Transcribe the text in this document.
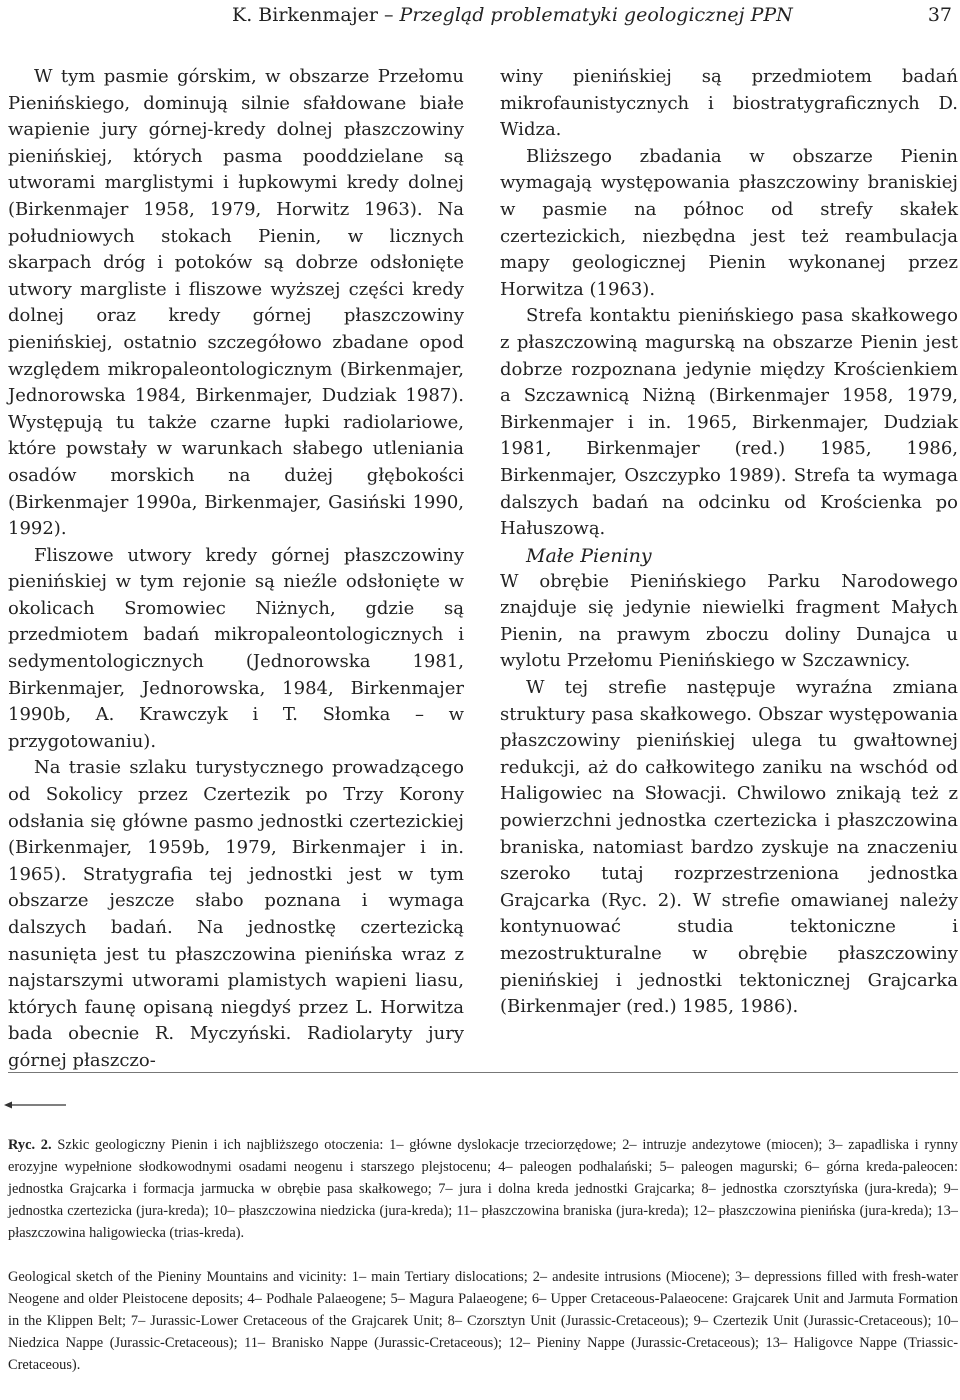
K. Birkenmajer – Przegląd problematyki geologicznej PPN	37

W tym pasmie górskim, w obszarze Przełomu Pienińskiego, dominują silnie sfałdowane białe wapienie jury górnej-kredy dolnej płaszczowiny pienińskiej, których pasma pooddzielane są utworami marglistymi i łupkowymi kredy dolnej (Birkenmajer 1958, 1979, Horwitz 1963). Na południowych stokach Pienin, w licznych skarpach dróg i potoków są dobrze odsłonięte utwory margliste i fliszowe wyższej części kredy dolnej oraz kredy górnej płaszczowiny pienińskiej, ostatnio szczegółowo zbadane opod względem mikropaleontologicznym (Birkenmajer, Jednorowska 1984, Birkenmajer, Dudziak 1987). Występują tu także czarne łupki radiolariowe, które powstały w warunkach słabego utleniania osadów morskich na dużej głębokości (Birkenmajer 1990a, Birkenmajer, Gasiński 1990, 1992).

Fliszowe utwory kredy górnej płaszczowiny pienińskiej w tym rejonie są nieźle odsłonięte w okolicach Sromowiec Niżnych, gdzie są przedmiotem badań mikropaleontologicznych i sedymentologicznych (Jednorowska 1981, Birkenmajer, Jednorowska, 1984, Birkenmajer 1990b, A. Krawczyk i T. Słomka – w przygotowaniu).

Na trasie szlaku turystycznego prowadzącego od Sokolicy przez Czertezik po Trzy Korony odsłania się główne pasmo jednostki czertezickiej (Birkenmajer, 1959b, 1979, Birkenmajer i in. 1965). Stratygrafia tej jednostki jest w tym obszarze jeszcze słabo poznana i wymaga dalszych badań. Na jednostkę czertezicką nasunięta jest tu płaszczowina pienińska wraz z najstarszymi utworami plamistych wapieni liasu, których faunę opisaną niegdyś przez L. Horwitza bada obecnie R. Myczyński. Radiolaryty jury górnej płaszczo-

winy pienińskiej są przedmiotem badań mikrofaunistycznych i biostratygraficznych D. Widza.

Bliższego zbadania w obszarze Pienin wymagają występowania płaszczowiny braniskiej w pasmie na północ od strefy skałek czertezickich, niezbędna jest też reambulacja mapy geologicznej Pienin wykonanej przez Horwitza (1963).

Strefa kontaktu pienińskiego pasa skałkowego z płaszczowiną magurską na obszarze Pienin jest dobrze rozpoznana jedynie między Krościenkiem a Szczawnicą Niżną (Birkenmajer 1958, 1979, Birkenmajer i in. 1965, Birkenmajer, Dudziak 1981, Birkenmajer (red.) 1985, 1986, Birkenmajer, Oszczypko 1989). Strefa ta wymaga dalszych badań na odcinku od Krościenka po Hałuszową.

Małe Pieniny

W obrębie Pienińskiego Parku Narodowego znajduje się jedynie niewielki fragment Małych Pienin, na prawym zboczu doliny Dunajca u wylotu Przełomu Pienińskiego w Szczawnicy.

W tej strefie następuje wyraźna zmiana struktury pasa skałkowego. Obszar występowania płaszczowiny pienińskiej ulega tu gwałtownej redukcji, aż do całkowitego zaniku na wschód od Haligowiec na Słowacji. Chwilowo znikają też z powierzchni jednostka czertezicka i płaszczowina braniska, natomiast bardzo zyskuje na znaczeniu szeroko tutaj rozprzestrzeniona jednostka Grajcarka (Ryc. 2). W strefie omawianej należy kontynuować studia tektoniczne i mezostrukturalne w obrębie płaszczowiny pienińskiej i jednostki tektonicznej Grajcarka (Birkenmajer (red.) 1985, 1986).

Ryc. 2. Szkic geologiczny Pienin i ich najbliższego otoczenia: 1– główne dyslokacje trzeciorzędowe; 2– intruzje andezytowe (miocen); 3– zapadliska i rynny erozyjne wypełnione słodkowodnymi osadami neogenu i starszego plejstocenu; 4– paleogen podhalański; 5– paleogen magurski; 6– górna kreda-paleocen: jednostka Grajcarka i formacja jarmucka w obrębie pasa skałkowego; 7– jura i dolna kreda jednostki Grajcarka; 8– jednostka czorsztyńska (jura-kreda); 9– jednostka czertezicka (jura-kreda); 10– płaszczowina niedzicka (jura-kreda); 11– płaszczowina braniska (jura-kreda); 12– płaszczowina pienińska (jura-kreda); 13– płaszczowina haligowiecka (trias-kreda).
Geological sketch of the Pieniny Mountains and vicinity: 1– main Tertiary dislocations; 2– andesite intrusions (Miocene); 3– depressions filled with fresh-water Neogene and older Pleistocene deposits; 4– Podhale Palaeogene; 5– Magura Palaeogene; 6– Upper Cretaceous-Palaeocene: Grajcarek Unit and Jarmuta Formation in the Klippen Belt; 7– Jurassic-Lower Cretaceous of the Grajcarek Unit; 8– Czorsztyn Unit (Jurassic-Cretaceous); 9– Czertezik Unit (Jurassic-Cretaceous); 10– Niedzica Nappe (Jurassic-Cretaceous); 11– Branisko Nappe (Jurassic-Cretaceous); 12– Pieniny Nappe (Jurassic-Cretaceous); 13– Haligovce Nappe (Triassic-Cretaceous).
